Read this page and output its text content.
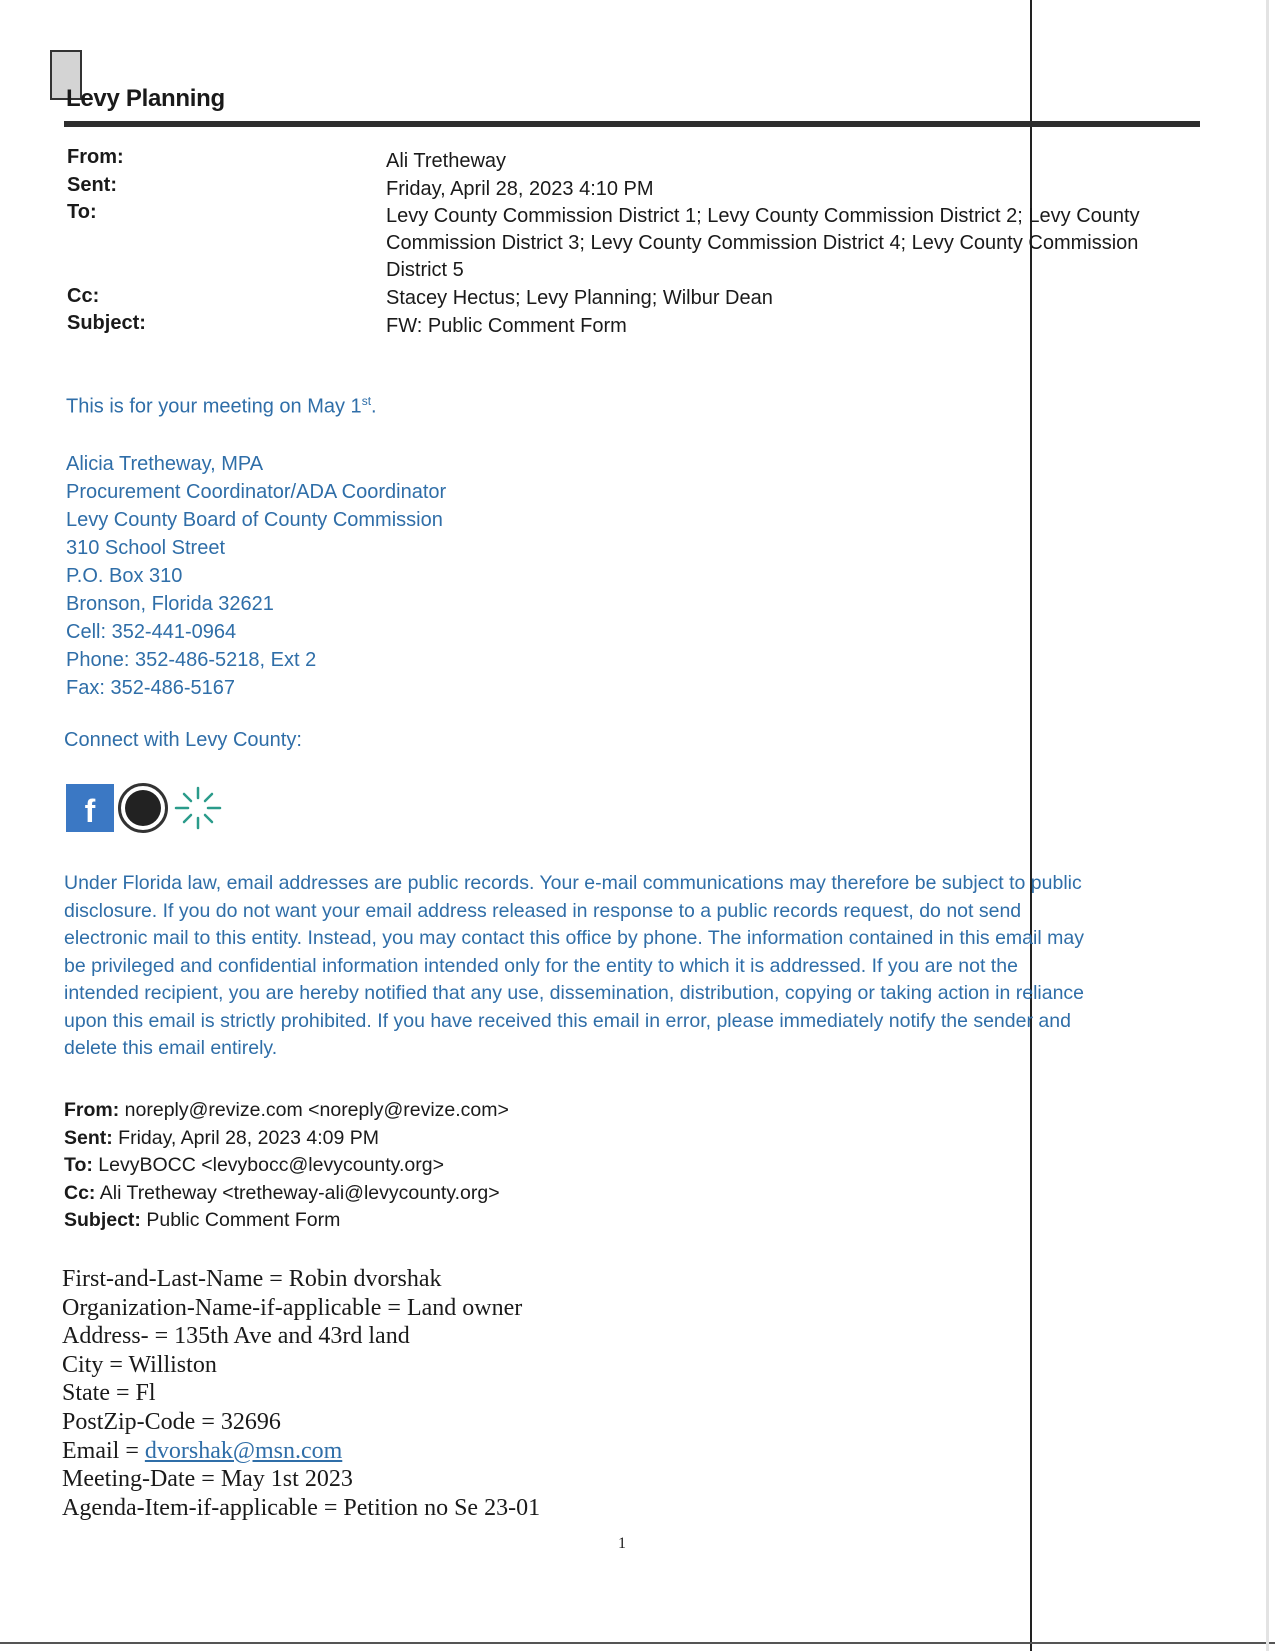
Levy Planning
From:	Ali Tretheway
Sent:	Friday, April 28, 2023 4:10 PM
To:	Levy County Commission District 1; Levy County Commission District 2; Levy County
Commission District 3; Levy County Commission District 4; Levy County Commission
District 5
Cc:	Stacey Hectus; Levy Planning; Wilbur Dean
Subject:	FW: Public Comment Form
This is for your meeting on May 1st.
Alicia Tretheway, MPA
Procurement Coordinator/ADA Coordinator
Levy County Board of County Commission
310 School Street
P.O. Box 310
Bronson, Florida 32621
Cell: 352-441-0964
Phone: 352-486-5218, Ext 2
Fax: 352-486-5167
Connect with Levy County:
f
Under Florida law, email addresses are public records. Your e-mail communications may therefore be subject to public
disclosure. If you do not want your email address released in response to a public records request, do not send
electronic mail to this entity. Instead, you may contact this office by phone. The information contained in this email may
be privileged and confidential information intended only for the entity to which it is addressed. If you are not the
intended recipient, you are hereby notified that any use, dissemination, distribution, copying or taking action in reliance
upon this email is strictly prohibited. If you have received this email in error, please immediately notify the sender and
delete this email entirely.
From: noreply@revize.com <noreply@revize.com>
Sent: Friday, April 28, 2023 4:09 PM
To: LevyBOCC <levybocc@levycounty.org>
Cc: Ali Tretheway <tretheway-ali@levycounty.org>
Subject: Public Comment Form
First-and-Last-Name = Robin dvorshak
Organization-Name-if-applicable = Land owner
Address- = 135th Ave and 43rd land
City = Williston
State = Fl
PostZip-Code = 32696
Email = dvorshak@msn.com
Meeting-Date = May 1st 2023
Agenda-Item-if-applicable = Petition no Se 23-01
1
